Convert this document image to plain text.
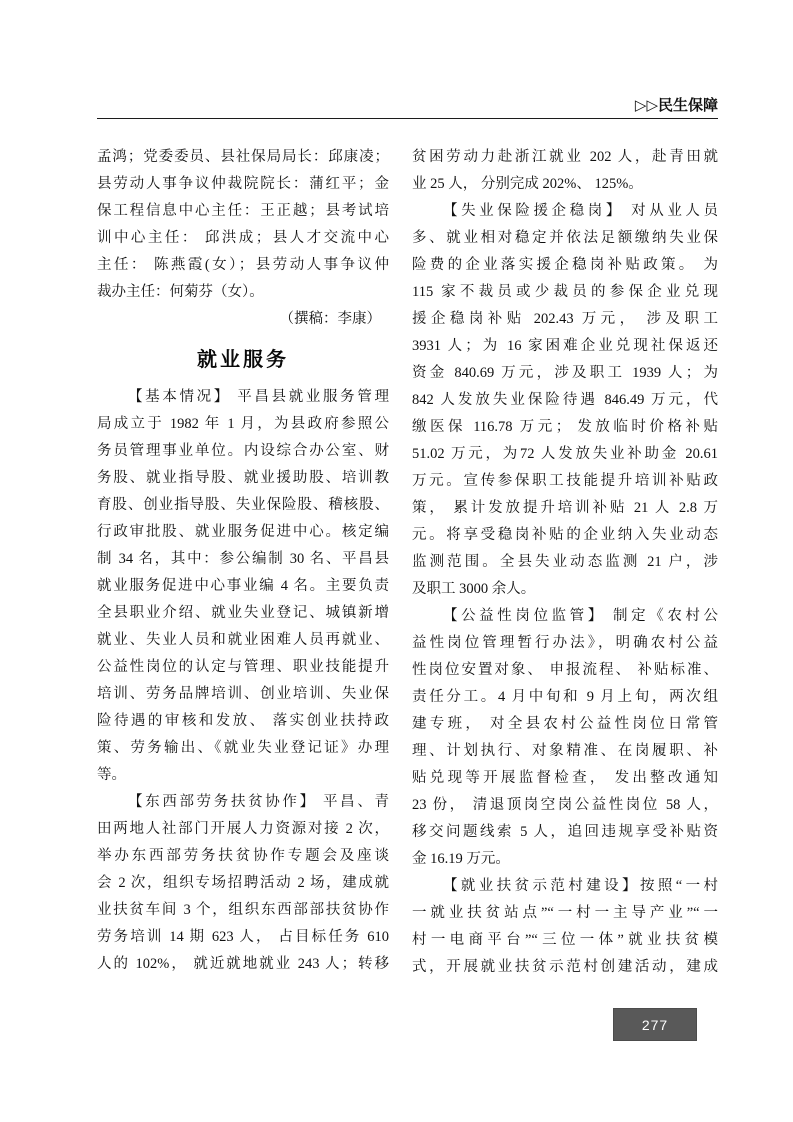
▷▷民生保障
孟鸿；党委委员、县社保局局长：邱康凌；
县劳动人事争议仲裁院院长：蒲红平；金
保工程信息中心主任：王正越；县考试培
训中心主任： 邱洪成；县人才交流中心
主任： 陈燕霞(女）；县劳动人事争议仲
裁办主任：何菊芬（女）。
（撰稿：李康）
就业服务
【基本情况】 平昌县就业服务管理
局成立于 1982 年 1 月，为县政府参照公
务员管理事业单位。内设综合办公室、财
务股、就业指导股、就业援助股、培训教
育股、创业指导股、失业保险股、稽核股、
行政审批股、就业服务促进中心。核定编
制 34 名，其中：参公编制 30 名、平昌县
就业服务促进中心事业编 4 名。主要负责
全县职业介绍、就业失业登记、城镇新增
就业、失业人员和就业困难人员再就业、
公益性岗位的认定与管理、职业技能提升
培训、劳务品牌培训、创业培训、失业保
险待遇的审核和发放、 落实创业扶持政
策、劳务输出、《就业失业登记证》办理
等。
【东西部劳务扶贫协作】 平昌、青
田两地人社部门开展人力资源对接 2 次，
举办东西部劳务扶贫协作专题会及座谈
会 2 次，组织专场招聘活动 2 场，建成就
业扶贫车间 3 个，组织东西部部扶贫协作
劳务培训 14 期 623 人， 占目标任务 610
人的 102%， 就近就地就业 243 人；转移
贫困劳动力赴浙江就业 202 人，赴青田就
业 25 人， 分别完成 202%、 125%。
【失业保险援企稳岗】 对从业人员
多、就业相对稳定并依法足额缴纳失业保
险费的企业落实援企稳岗补贴政策。 为
115 家不裁员或少裁员的参保企业兑现
援企稳岗补贴 202.43 万元， 涉及职工
3931 人；为 16 家困难企业兑现社保返还
资金 840.69 万元，涉及职工 1939 人；为
842 人发放失业保险待遇 846.49 万元，代
缴医保 116.78 万元； 发放临时价格补贴
51.02 万元，为72 人发放失业补助金 20.61
万元。宣传参保职工技能提升培训补贴政
策， 累计发放提升培训补贴 21 人 2.8 万
元。将享受稳岗补贴的企业纳入失业动态
监测范围。全县失业动态监测 21 户，涉
及职工 3000 余人。
【公益性岗位监管】 制定《农村公
益性岗位管理暂行办法》，明确农村公益
性岗位安置对象、 申报流程、 补贴标准、
责任分工。4 月中旬和 9 月上旬，两次组
建专班， 对全县农村公益性岗位日常管
理、计划执行、对象精准、在岗履职、补
贴兑现等开展监督检查， 发出整改通知
23 份， 清退顶岗空岗公益性岗位 58 人，
移交问题线索 5 人，追回违规享受补贴资
金 16.19 万元。
【就业扶贫示范村建设】按照“一村
一就业扶贫站点”“一村一主导产业”“一
村一电商平台”“三位一体”就业扶贫模
式，开展就业扶贫示范村创建活动，建成
277
